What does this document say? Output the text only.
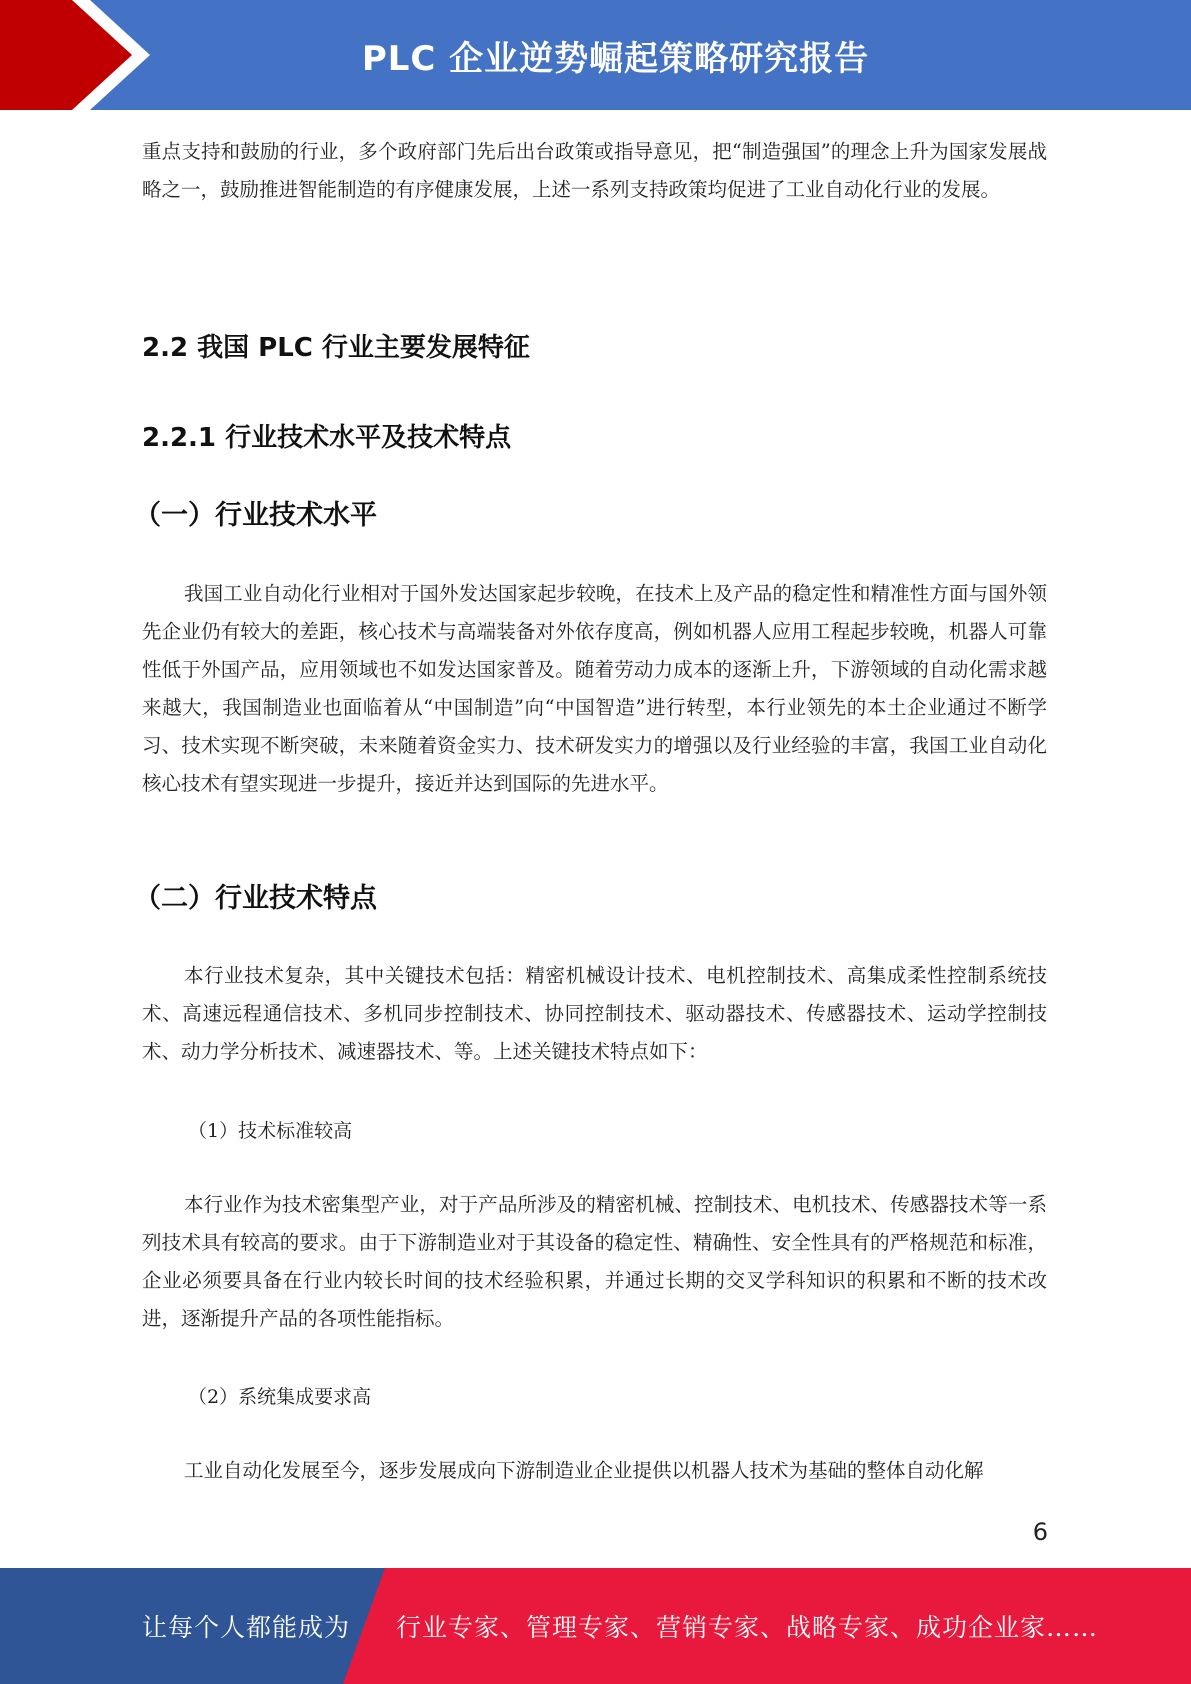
PLC 企业逆势崛起策略研究报告

重点支持和鼓励的行业，多个政府部门先后出台政策或指导意见，把“制造强国”的理念上升为国家发展战略之一，鼓励推进智能制造的有序健康发展，上述一系列支持政策均促进了工业自动化行业的发展。

2.2 我国 PLC 行业主要发展特征
2.2.1 行业技术水平及技术特点
（一）行业技术水平

我国工业自动化行业相对于国外发达国家起步较晚，在技术上及产品的稳定性和精准性方面与国外领先企业仍有较大的差距，核心技术与高端装备对外依存度高，例如机器人应用工程起步较晚，机器人可靠性低于外国产品，应用领域也不如发达国家普及。随着劳动力成本的逐渐上升，下游领域的自动化需求越来越大，我国制造业也面临着从“中国制造”向“中国智造”进行转型，本行业领先的本土企业通过不断学习、技术实现不断突破，未来随着资金实力、技术研发实力的增强以及行业经验的丰富，我国工业自动化核心技术有望实现进一步提升，接近并达到国际的先进水平。

（二）行业技术特点

本行业技术复杂，其中关键技术包括：精密机械设计技术、电机控制技术、高集成柔性控制系统技术、高速远程通信技术、多机同步控制技术、协同控制技术、驱动器技术、传感器技术、运动学控制技术、动力学分析技术、减速器技术、等。上述关键技术特点如下：

（1）技术标准较高

本行业作为技术密集型产业，对于产品所涉及的精密机械、控制技术、电机技术、传感器技术等一系列技术具有较高的要求。由于下游制造业对于其设备的稳定性、精确性、安全性具有的严格规范和标准，企业必须要具备在行业内较长时间的技术经验积累，并通过长期的交叉学科知识的积累和不断的技术改进，逐渐提升产品的各项性能指标。

（2）系统集成要求高

工业自动化发展至今，逐步发展成向下游制造业企业提供以机器人技术为基础的整体自动化解

6
让每个人都能成为 行业专家、管理专家、营销专家、战略专家、成功企业家……
